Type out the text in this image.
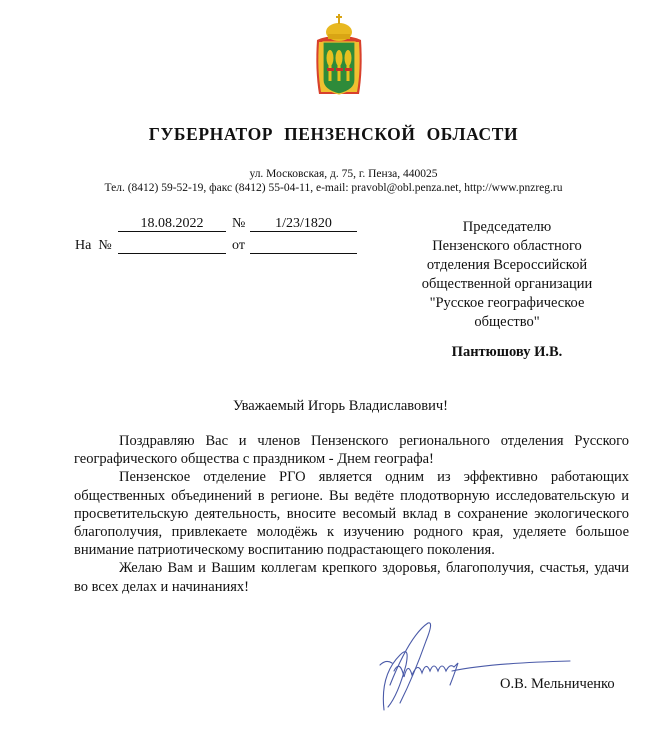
ГУБЕРНАТОР ПЕНЗЕНСКОЙ ОБЛАСТИ
ул. Московская, д. 75, г. Пенза, 440025
Тел. (8412) 59-52-19, факс (8412) 55-04-11, e-mail: pravobl@obl.penza.net, http://www.pnzreg.ru
18.08.2022	№	1/23/1820
На  №	от
Председателю
Пензенского областного
отделения Всероссийской
общественной организации
"Русское географическое
общество"
Пантюшову И.В.
Уважаемый Игорь Владиславович!

Поздравляю Вас и членов Пензенского регионального отделения Русского географического общества с праздником - Днем географа!

Пензенское отделение РГО является одним из эффективно работающих общественных объединений в регионе. Вы ведёте плодотворную исследовательскую и просветительскую деятельность, вносите весомый вклад в сохранение экологического благополучия, привлекаете молодёжь к изучению родного края, уделяете большое внимание патриотическому воспитанию подрастающего поколения.

Желаю Вам и Вашим коллегам крепкого здоровья, благополучия, счастья, удачи во всех делах и начинаниях!

О.В. Мельниченко
